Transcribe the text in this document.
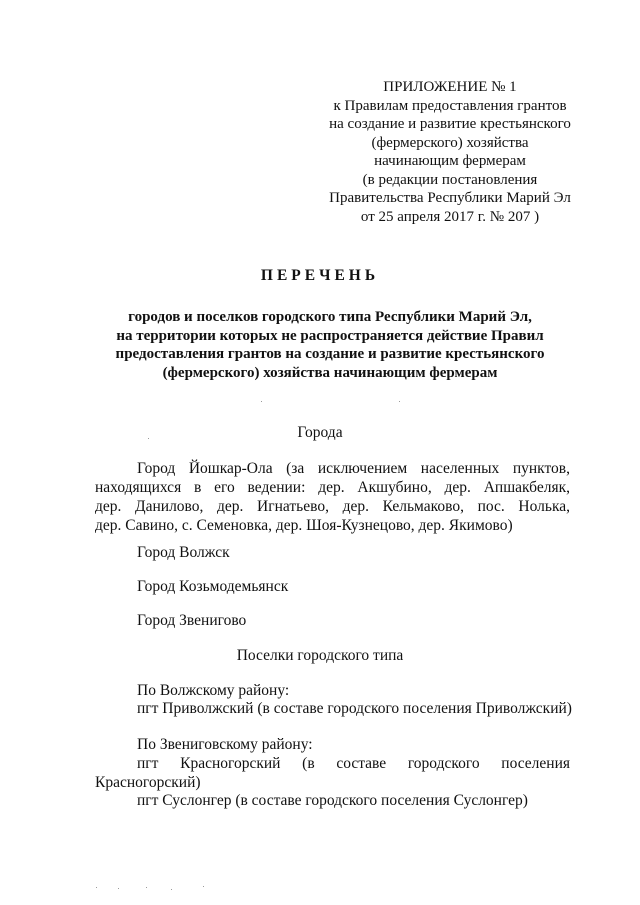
ПРИЛОЖЕНИЕ № 1
к Правилам предоставления грантов
на создание и развитие крестьянского
(фермерского) хозяйства
начинающим фермерам
(в редакции постановления
Правительства Республики Марий Эл
от 25 апреля 2017 г. № 207 )
ПЕРЕЧЕНЬ
городов и поселков городского типа Республики Марий Эл,
на территории которых не распространяется действие Правил
предоставления грантов на создание и развитие крестьянского
(фермерского) хозяйства начинающим фермерам
Города
Город Йошкар-Ола (за исключением населенных пунктов,
находящихся в его ведении: дер. Акшубино, дер. Апшакбеляк,
дер. Данилово, дер. Игнатьево, дер. Кельмаково, пос. Нолька,
дер. Савино, с. Семеновка, дер. Шоя-Кузнецово, дер. Якимово)
Город Волжск
Город Козьмодемьянск
Город Звенигово
Поселки городского типа
По Волжскому району:
пгт Приволжский (в составе городского поселения Приволжский)
По Звениговскому району:
пгт Красногорский (в составе городского поселения
Красногорский)
пгт Суслонгер (в составе городского поселения Суслонгер)
